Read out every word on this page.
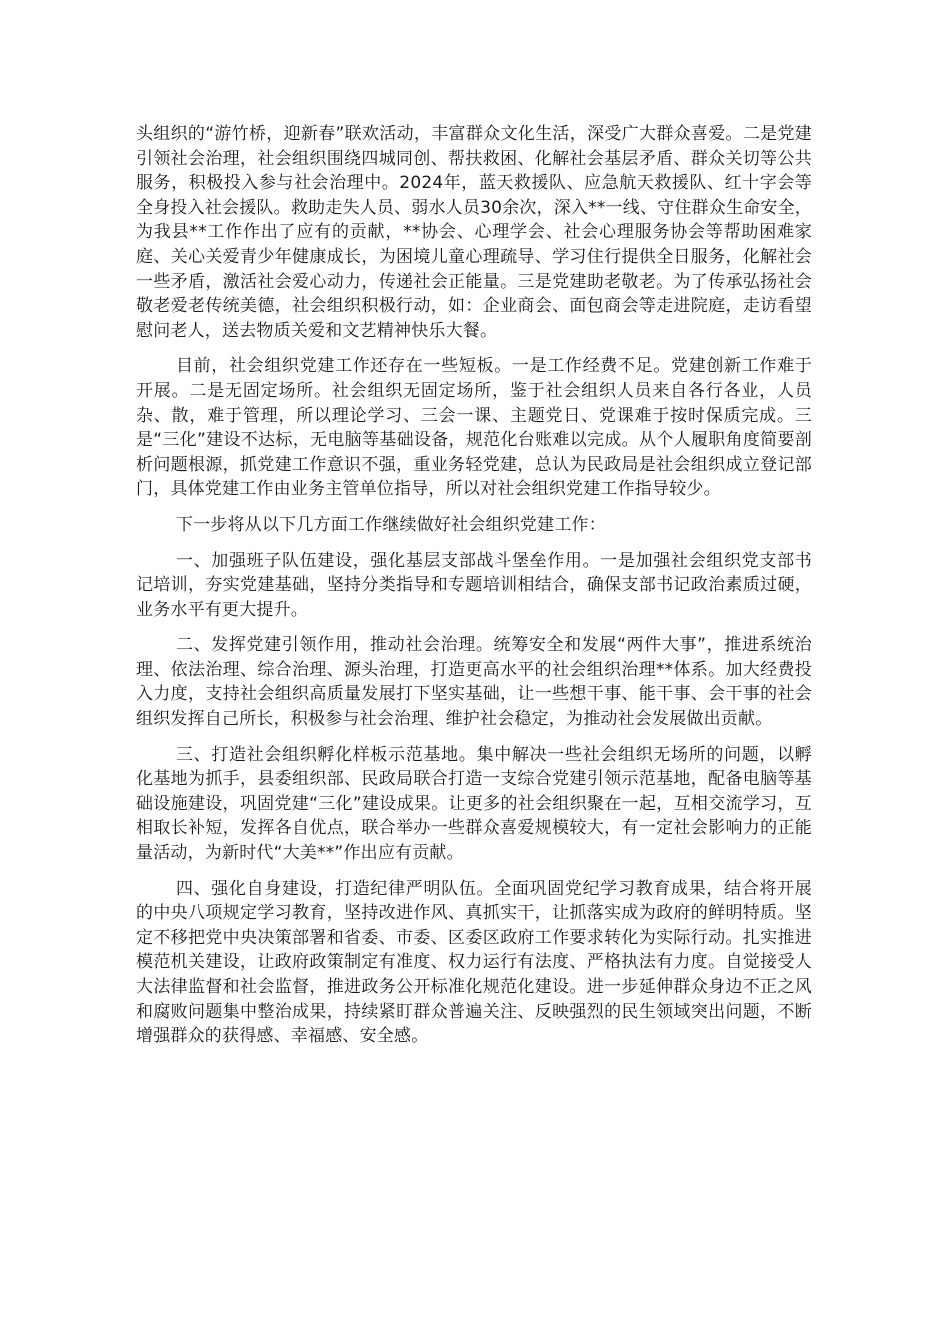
头组织的“游竹桥，迎新春”联欢活动，丰富群众文化生活，深受广大群众喜爱。二是党建引领社会治理，社会组织围绕四城同创、帮扶救困、化解社会基层矛盾、群众关切等公共服务，积极投入参与社会治理中。2024年，蓝天救援队、应急航天救援队、红十字会等全身投入社会援队。救助走失人员、弱水人员30余次，深入**一线、守住群众生命安全，为我县**工作作出了应有的贡献，**协会、心理学会、社会心理服务协会等帮助困难家庭、关心关爱青少年健康成长，为困境儿童心理疏导、学习住行提供全日服务，化解社会一些矛盾，激活社会爱心动力，传递社会正能量。三是党建助老敬老。为了传承弘扬社会敬老爱老传统美德，社会组织积极行动，如：企业商会、面包商会等走进院庭，走访看望慰问老人，送去物质关爱和文艺精神快乐大餐。

目前，社会组织党建工作还存在一些短板。一是工作经费不足。党建创新工作难于开展。二是无固定场所。社会组织无固定场所，鉴于社会组织人员来自各行各业，人员杂、散，难于管理，所以理论学习、三会一课、主题党日、党课难于按时保质完成。三是“三化”建设不达标，无电脑等基础设备，规范化台账难以完成。从个人履职角度简要剖析问题根源，抓党建工作意识不强，重业务轻党建，总认为民政局是社会组织成立登记部门，具体党建工作由业务主管单位指导，所以对社会组织党建工作指导较少。

下一步将从以下几方面工作继续做好社会组织党建工作：

一、加强班子队伍建设，强化基层支部战斗堡垒作用。一是加强社会组织党支部书记培训，夯实党建基础，坚持分类指导和专题培训相结合，确保支部书记政治素质过硬，业务水平有更大提升。

二、发挥党建引领作用，推动社会治理。统筹安全和发展“两件大事”，推进系统治理、依法治理、综合治理、源头治理，打造更高水平的社会组织治理**体系。加大经费投入力度，支持社会组织高质量发展打下坚实基础，让一些想干事、能干事、会干事的社会组织发挥自己所长，积极参与社会治理、维护社会稳定，为推动社会发展做出贡献。

三、打造社会组织孵化样板示范基地。集中解决一些社会组织无场所的问题，以孵化基地为抓手，县委组织部、民政局联合打造一支综合党建引领示范基地，配备电脑等基础设施建设，巩固党建“三化”建设成果。让更多的社会组织聚在一起，互相交流学习，互相取长补短，发挥各自优点，联合举办一些群众喜爱规模较大，有一定社会影响力的正能量活动，为新时代“大美**”作出应有贡献。

四、强化自身建设，打造纪律严明队伍。全面巩固党纪学习教育成果，结合将开展的中央八项规定学习教育，坚持改进作风、真抓实干，让抓落实成为政府的鲜明特质。坚定不移把党中央决策部署和省委、市委、区委区政府工作要求转化为实际行动。扎实推进模范机关建设，让政府政策制定有准度、权力运行有法度、严格执法有力度。自觉接受人大法律监督和社会监督，推进政务公开标准化规范化建设。进一步延伸群众身边不正之风和腐败问题集中整治成果，持续紧盯群众普遍关注、反映强烈的民生领域突出问题，不断增强群众的获得感、幸福感、安全感。
